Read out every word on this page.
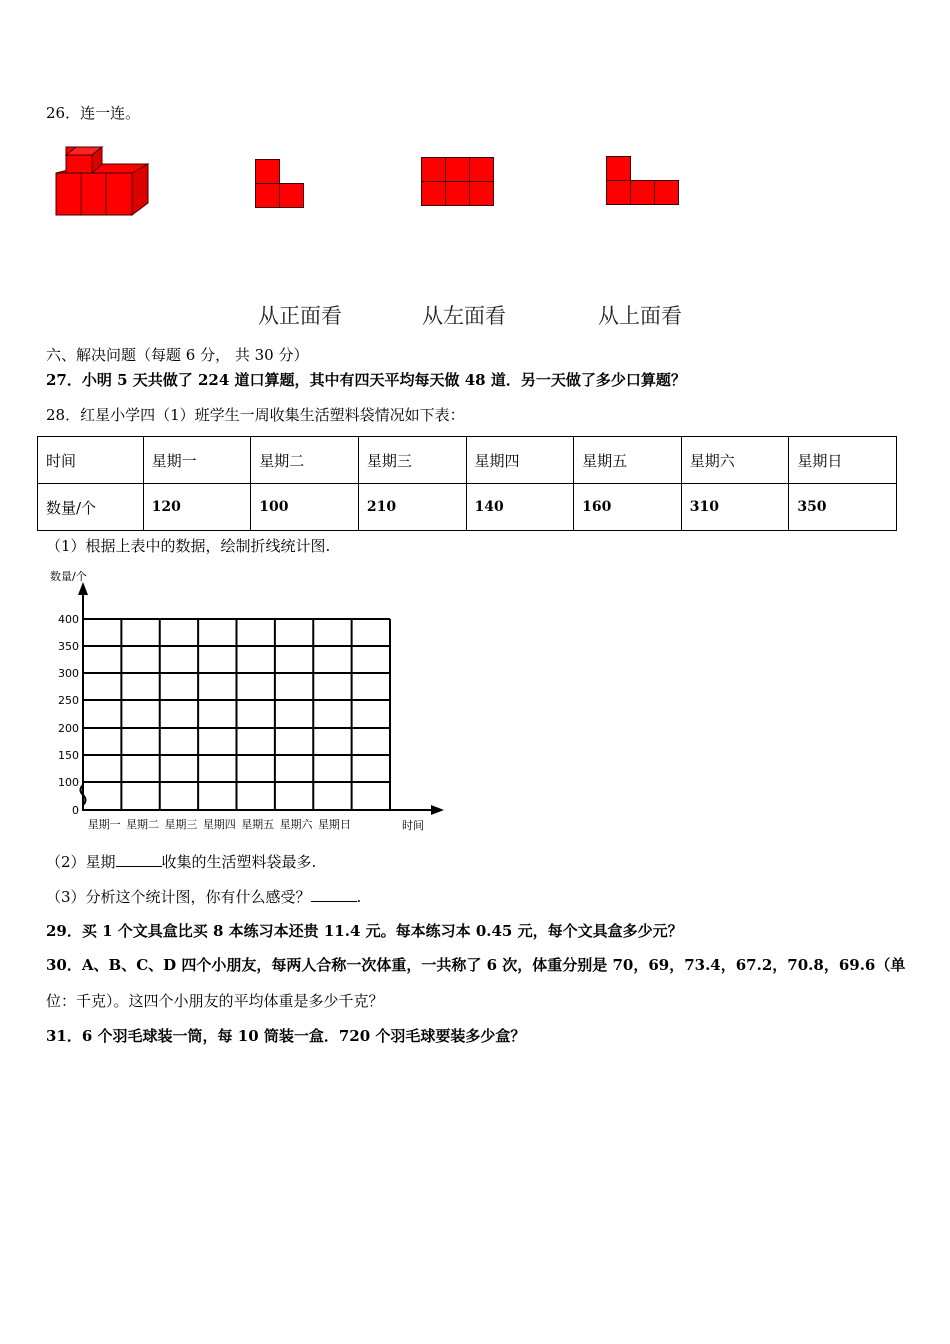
26．连一连。
从正面看	从左面看	从上面看
六、解决问题（每题 6 分， 共 30 分）
27．小明 5 天共做了 224 道口算题，其中有四天平均每天做 48 道．另一天做了多少口算题？
28．红星小学四（1）班学生一周收集生活塑料袋情况如下表：
时间	星期一	星期二	星期三	星期四	星期五	星期六	星期日
数量/个	120	100	210	140	160	310	350
（1）根据上表中的数据，绘制折线统计图.
数量/个
时间
0
100
150
200
250
300
350
400
星期一 星期二 星期三 星期四 星期五 星期六 星期日
（2）星期	收集的生活塑料袋最多.
（3）分析这个统计图，你有什么感受？	.
29．买 1 个文具盒比买 8 本练习本还贵 11.4 元。每本练习本 0.45 元，每个文具盒多少元？
30．A、B、C、D 四个小朋友，每两人合称一次体重，一共称了 6 次，体重分别是 70，69，73.4，67.2，70.8，69.6（单
位：千克）。这四个小朋友的平均体重是多少千克？
31．6 个羽毛球装一筒，每 10 筒装一盒．720 个羽毛球要装多少盒？
